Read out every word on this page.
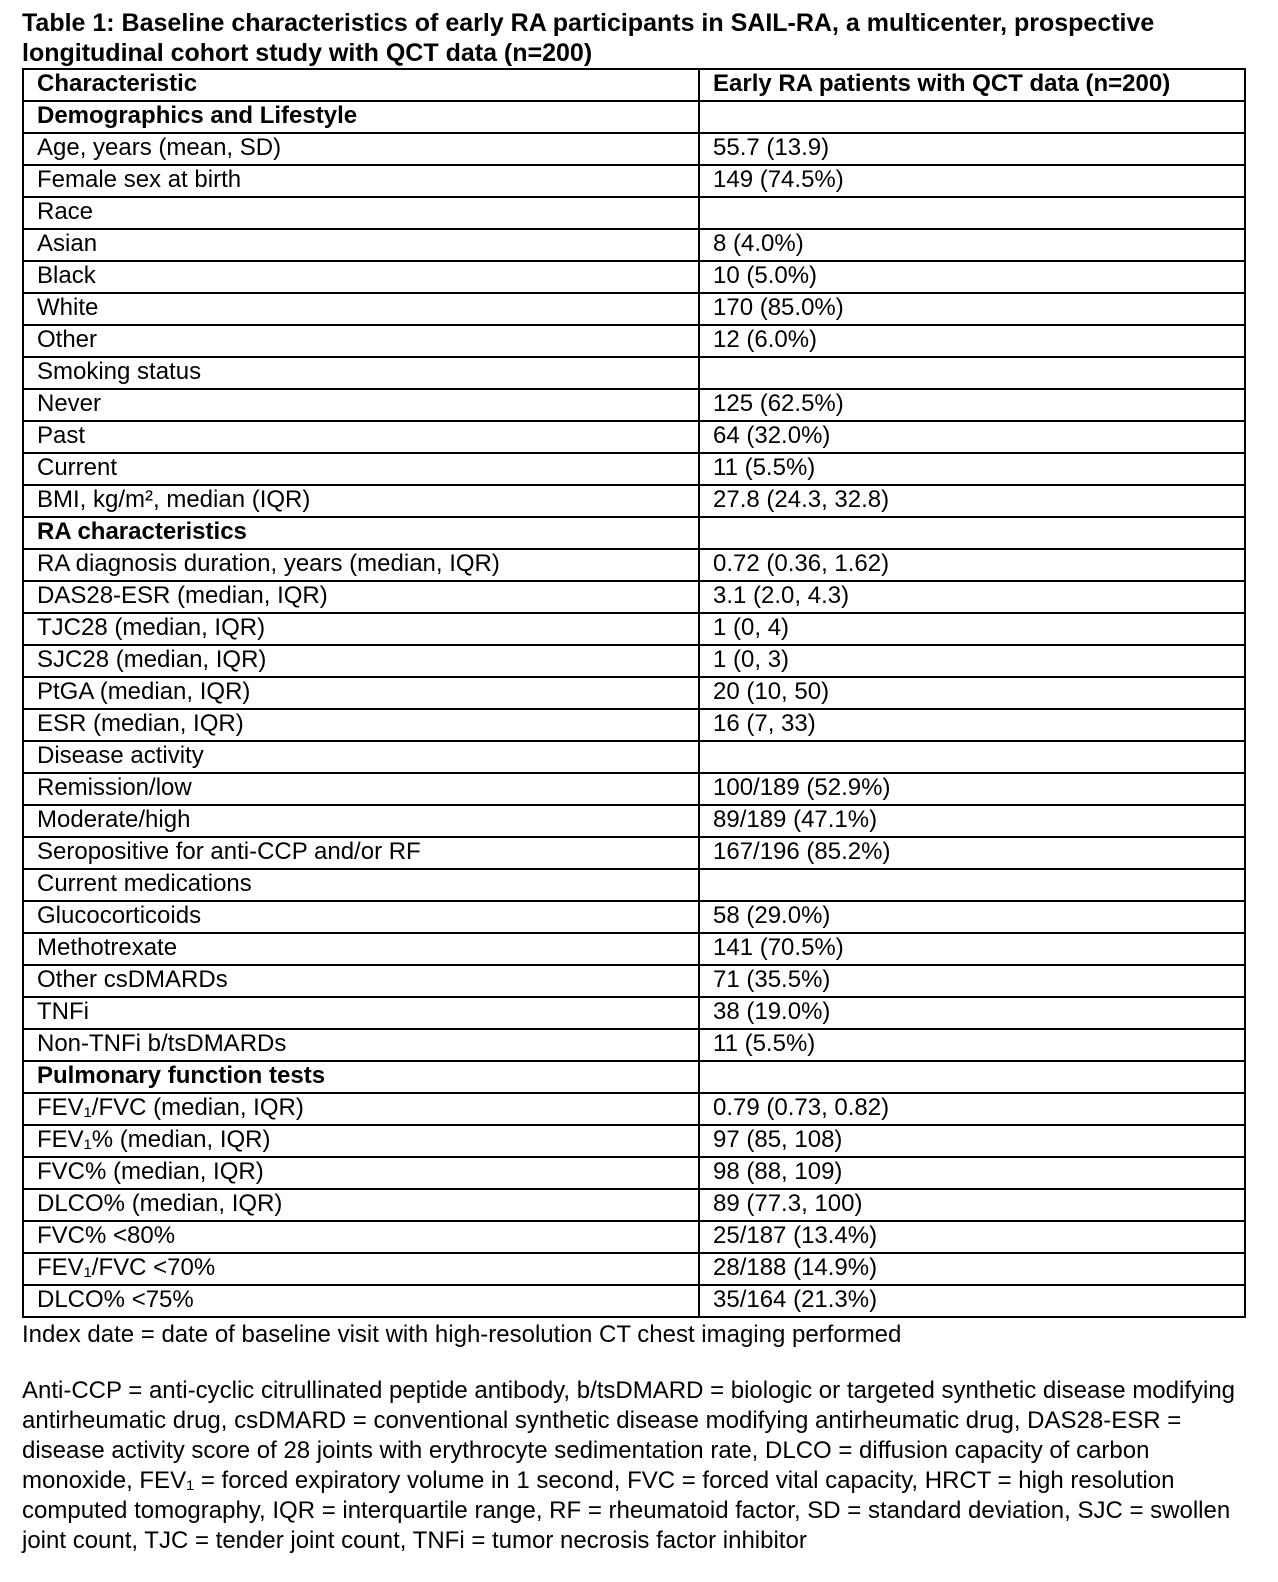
Table 1: Baseline characteristics of early RA participants in SAIL-RA, a multicenter, prospective longitudinal cohort study with QCT data (n=200)

Characteristic	Early RA patients with QCT data (n=200)
Demographics and Lifestyle	
Age, years (mean, SD)	55.7 (13.9)
Female sex at birth	149 (74.5%)
Race	
Asian	8 (4.0%)
Black	10 (5.0%)
White	170 (85.0%)
Other	12 (6.0%)
Smoking status	
Never	125 (62.5%)
Past	64 (32.0%)
Current	11 (5.5%)
BMI, kg/m², median (IQR)	27.8 (24.3, 32.8)
RA characteristics	
RA diagnosis duration, years (median, IQR)	0.72 (0.36, 1.62)
DAS28-ESR (median, IQR)	3.1 (2.0, 4.3)
TJC28 (median, IQR)	1 (0, 4)
SJC28 (median, IQR)	1 (0, 3)
PtGA (median, IQR)	20 (10, 50)
ESR (median, IQR)	16 (7, 33)
Disease activity	
Remission/low	100/189 (52.9%)
Moderate/high	89/189 (47.1%)
Seropositive for anti-CCP and/or RF	167/196 (85.2%)
Current medications	
Glucocorticoids	58 (29.0%)
Methotrexate	141 (70.5%)
Other csDMARDs	71 (35.5%)
TNFi	38 (19.0%)
Non-TNFi b/tsDMARDs	11 (5.5%)
Pulmonary function tests	
FEV₁/FVC (median, IQR)	0.79 (0.73, 0.82)
FEV₁% (median, IQR)	97 (85, 108)
FVC% (median, IQR)	98 (88, 109)
DLCO% (median, IQR)	89 (77.3, 100)
FVC% <80%	25/187 (13.4%)
FEV₁/FVC <70%	28/188 (14.9%)
DLCO% <75%	35/164 (21.3%)

Index date = date of baseline visit with high-resolution CT chest imaging performed

Anti-CCP = anti-cyclic citrullinated peptide antibody, b/tsDMARD = biologic or targeted synthetic disease modifying antirheumatic drug, csDMARD = conventional synthetic disease modifying antirheumatic drug, DAS28-ESR = disease activity score of 28 joints with erythrocyte sedimentation rate, DLCO = diffusion capacity of carbon monoxide, FEV₁ = forced expiratory volume in 1 second, FVC = forced vital capacity, HRCT = high resolution computed tomography, IQR = interquartile range, RF = rheumatoid factor, SD = standard deviation, SJC = swollen joint count, TJC = tender joint count, TNFi = tumor necrosis factor inhibitor
